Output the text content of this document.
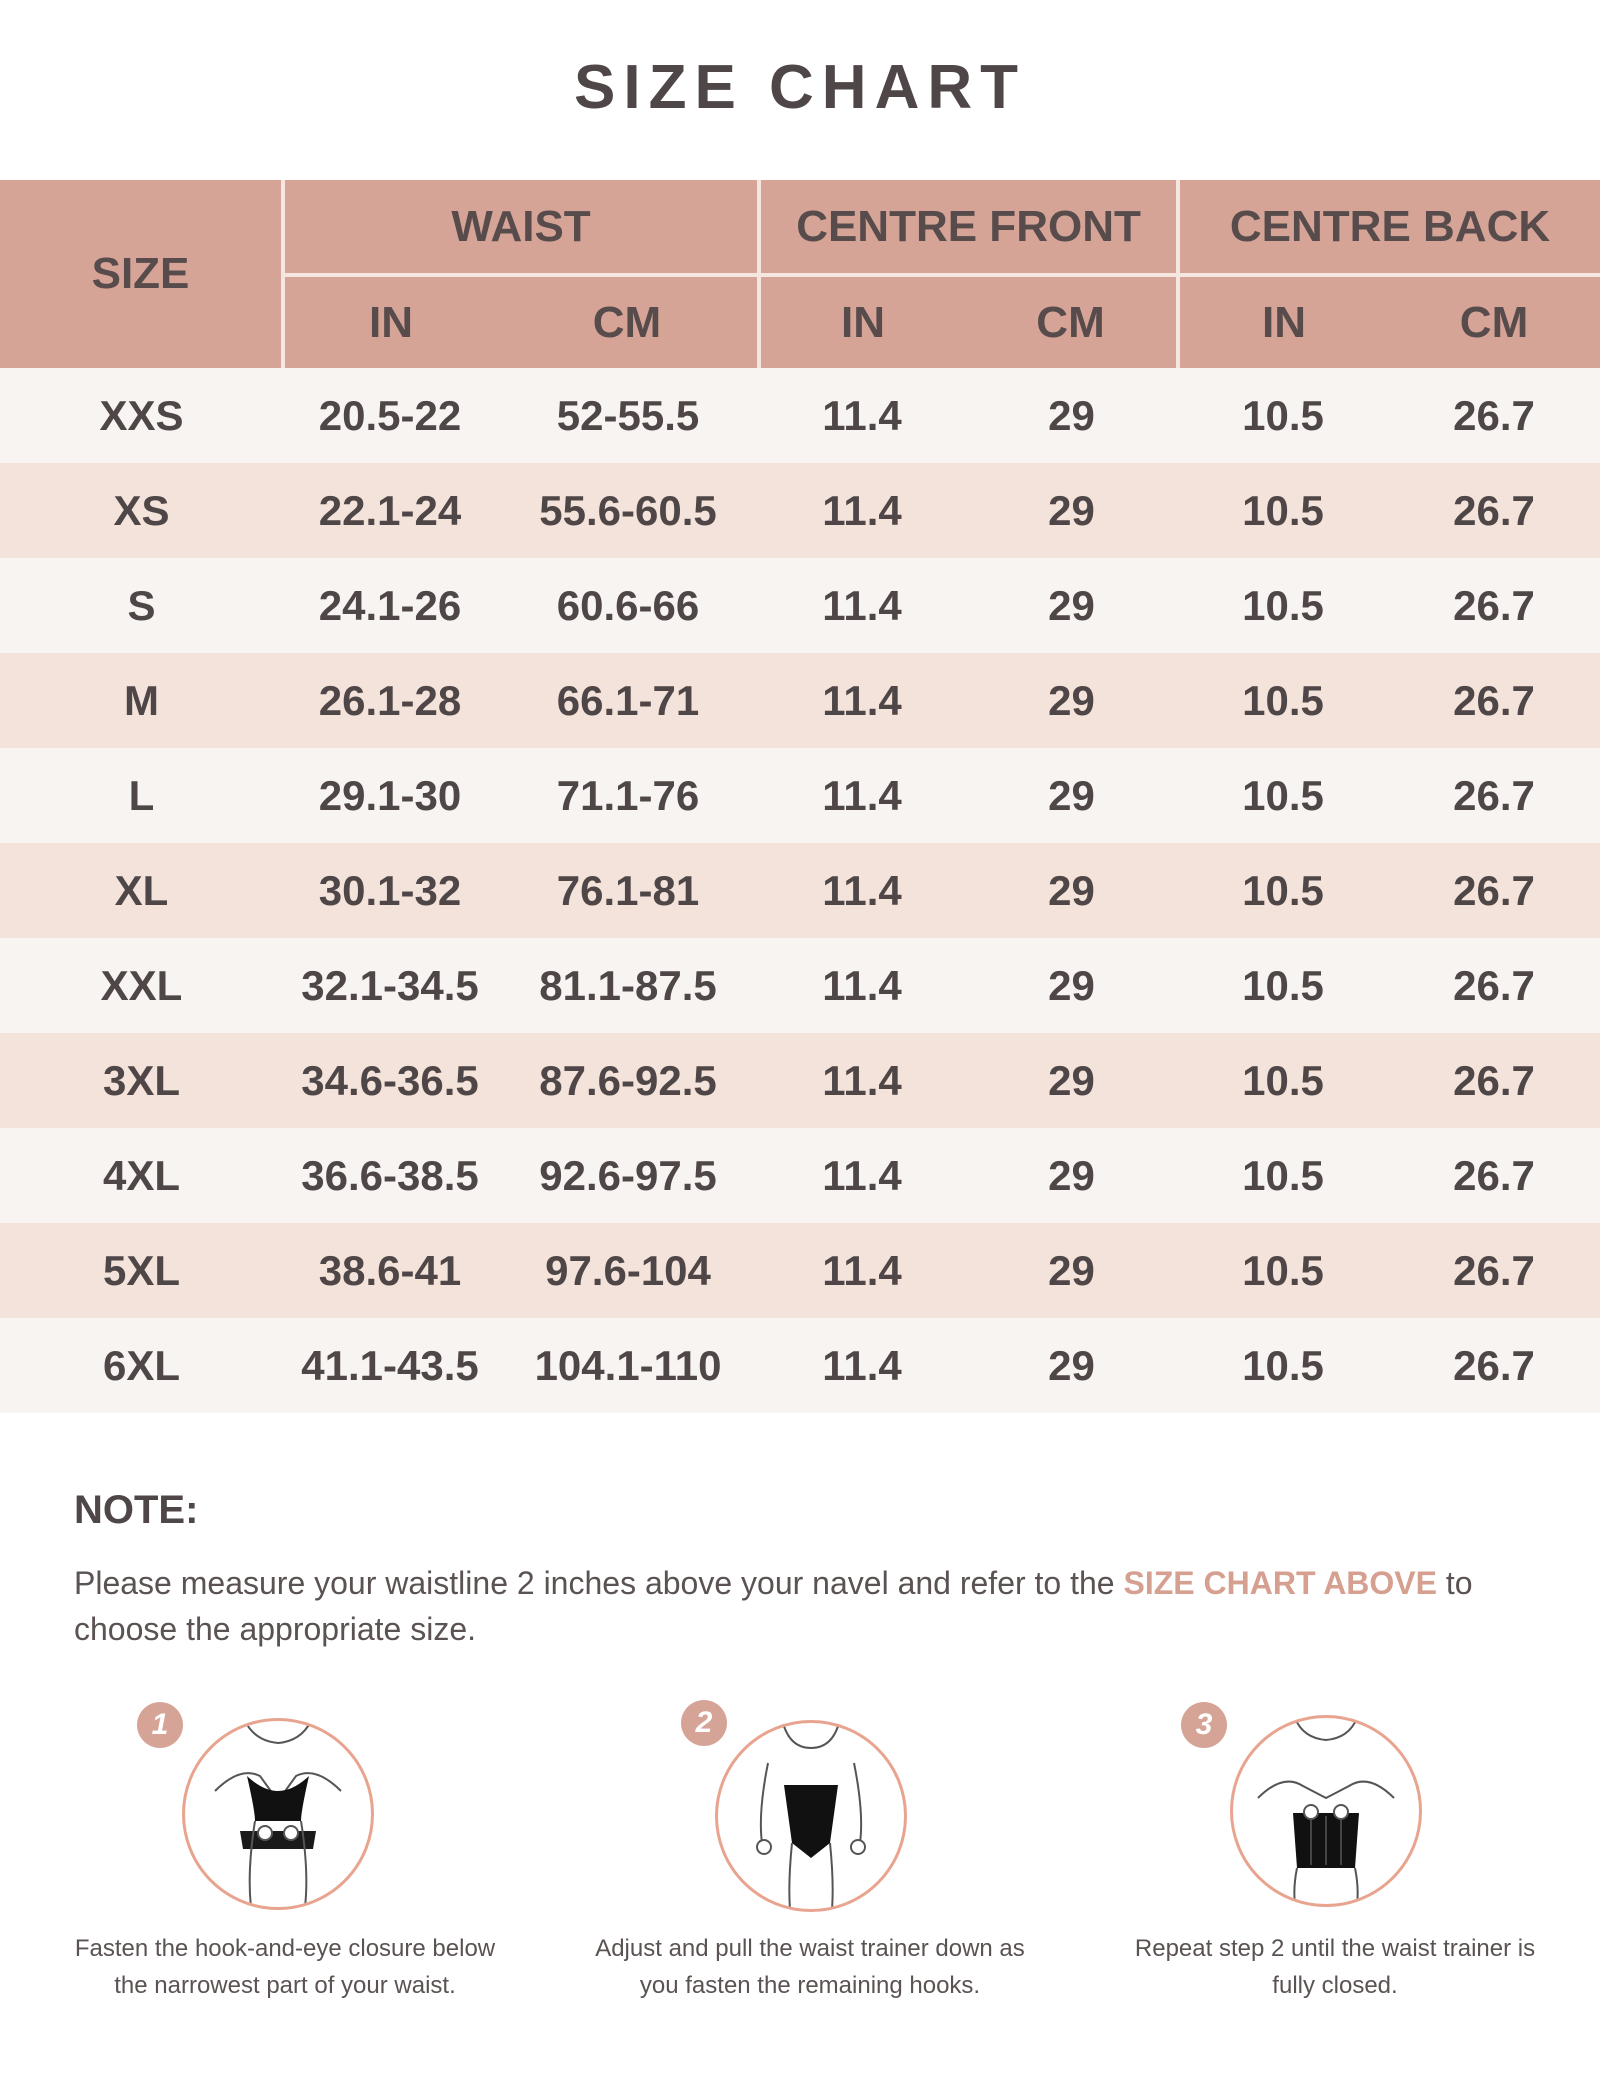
SIZE CHART
SIZE	WAIST		CENTRE FRONT		CENTRE BACK	
	IN	CM	IN	CM	IN	CM
XXS	20.5-22	52-55.5	11.4	29	10.5	26.7
XS	22.1-24	55.6-60.5	11.4	29	10.5	26.7
S	24.1-26	60.6-66	11.4	29	10.5	26.7
M	26.1-28	66.1-71	11.4	29	10.5	26.7
L	29.1-30	71.1-76	11.4	29	10.5	26.7
XL	30.1-32	76.1-81	11.4	29	10.5	26.7
XXL	32.1-34.5	81.1-87.5	11.4	29	10.5	26.7
3XL	34.6-36.5	87.6-92.5	11.4	29	10.5	26.7
4XL	36.6-38.5	92.6-97.5	11.4	29	10.5	26.7
5XL	38.6-41	97.6-104	11.4	29	10.5	26.7
6XL	41.1-43.5	104.1-110	11.4	29	10.5	26.7
NOTE:
Please measure your waistline 2 inches above your navel and refer to the SIZE CHART ABOVE to choose the appropriate size.
1
Fasten the hook-and-eye closure below
the narrowest part of your waist.
2
Adjust and pull the waist trainer down as
you fasten the remaining hooks.
3
Repeat step 2 until the waist trainer is
fully closed.
